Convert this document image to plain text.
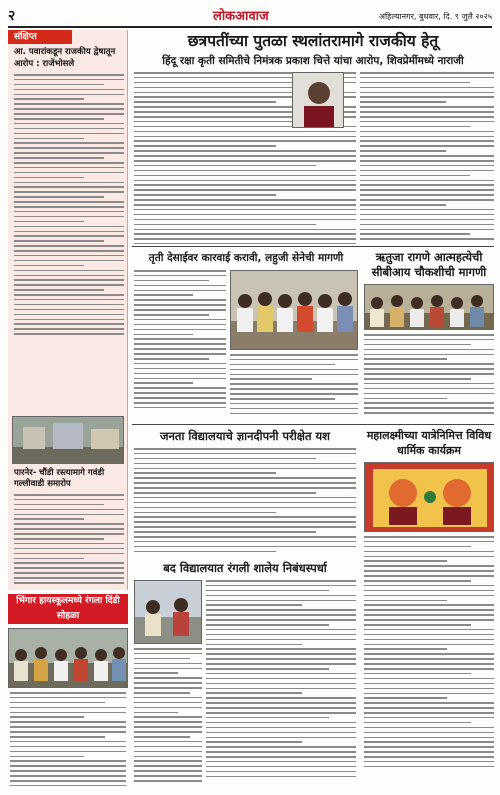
२	लोकआवाज	अहिल्यानगर, बुधवार, दि. ९ जुलै २०२५
संक्षिप्त
आ. पवारांकडून राजकीय द्वेषातून आरोप : राजेंभोसले
पारनेर- चौंडी रस्त्यामागे गवंडी गल्लीवाडी समारोप
छत्रपतींच्या पुतळा स्थलांतरामागे राजकीय हेतू
हिंदू रक्षा कृती समितीचे निमंत्रक प्रकाश चित्ते यांचा आरोप, शिवप्रेमींमध्ये नाराजी
तृती देसाईवर कारवाई करावी, लहुजी सेनेची मागणी	ऋतुजा रागणे आत्महत्येची सीबीआय चौकशीची मागणी
जनता विद्यालयाचे ज्ञानदीपनी परीक्षेत यश	महालक्ष्मीच्या यात्रेनिमित्त विविध धार्मिक कार्यक्रम
बद विद्यालयात रंगली शालेय निबंधस्पर्धा
भिंगार हायस्कूलमध्ये रंगला दिंडी सोहळा
